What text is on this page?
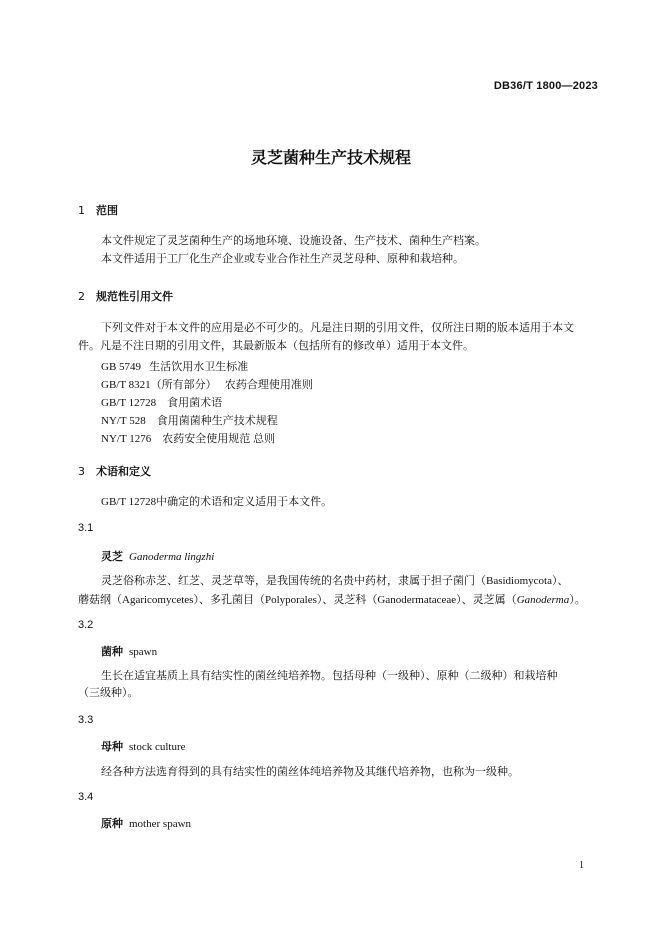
DB36/T 1800—2023
灵芝菌种生产技术规程
1 范围
本文件规定了灵芝菌种生产的场地环境、设施设备、生产技术、菌种生产档案。
本文件适用于工厂化生产企业或专业合作社生产灵芝母种、原种和栽培种。
2 规范性引用文件
下列文件对于本文件的应用是必不可少的。凡是注日期的引用文件，仅所注日期的版本适用于本文
件。凡是不注日期的引用文件，其最新版本（包括所有的修改单）适用于本文件。
GB 5749 生活饮用水卫生标准
GB/T 8321（所有部分） 农药合理使用准则
GB/T 12728 食用菌术语
NY/T 528 食用菌菌种生产技术规程
NY/T 1276 农药安全使用规范 总则
3 术语和定义
GB/T 12728中确定的术语和定义适用于本文件。
3.1
灵芝 Ganoderma lingzhi
灵芝俗称赤芝、红芝、灵芝草等，是我国传统的名贵中药材，隶属于担子菌门（Basidiomycota）、
蘑菇纲（Agaricomycetes）、多孔菌目（Polyporales）、灵芝科（Ganodermataceae）、灵芝属（Ganoderma）。
3.2
菌种 spawn
生长在适宜基质上具有结实性的菌丝纯培养物。包括母种（一级种）、原种（二级种）和栽培种
（三级种）。
3.3
母种 stock culture
经各种方法选育得到的具有结实性的菌丝体纯培养物及其继代培养物，也称为一级种。
3.4
原种 mother spawn
1
